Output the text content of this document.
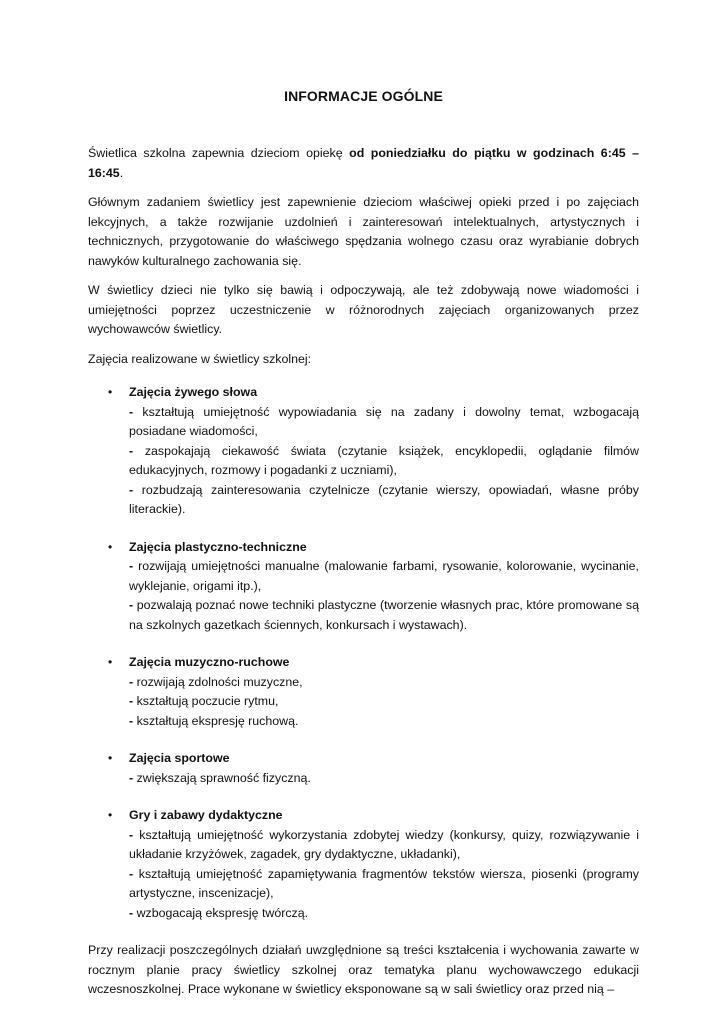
INFORMACJE OGÓLNE

Świetlica szkolna zapewnia dzieciom opiekę od poniedziałku do piątku w godzinach 6:45 – 16:45.

Głównym zadaniem świetlicy jest zapewnienie dzieciom właściwej opieki przed i po zajęciach lekcyjnych, a także rozwijanie uzdolnień i zainteresowań intelektualnych, artystycznych i technicznych, przygotowanie do właściwego spędzania wolnego czasu oraz wyrabianie dobrych nawyków kulturalnego zachowania się.

W świetlicy dzieci nie tylko się bawią i odpoczywają, ale też zdobywają nowe wiadomości i umiejętności poprzez uczestniczenie w różnorodnych zajęciach organizowanych przez wychowawców świetlicy.

Zajęcia realizowane w świetlicy szkolnej:

• Zajęcia żywego słowa
- kształtują umiejętność wypowiadania się na zadany i dowolny temat, wzbogacają posiadane wiadomości,
- zaspokajają ciekawość świata (czytanie książek, encyklopedii, oglądanie filmów edukacyjnych, rozmowy i pogadanki z uczniami),
- rozbudzają zainteresowania czytelnicze (czytanie wierszy, opowiadań, własne próby literackie).
• Zajęcia plastyczno-techniczne
- rozwijają umiejętności manualne (malowanie farbami, rysowanie, kolorowanie, wycinanie, wyklejanie, origami itp.),
- pozwalają poznać nowe techniki plastyczne (tworzenie własnych prac, które promowane są na szkolnych gazetkach ściennych, konkursach i wystawach).
• Zajęcia muzyczno-ruchowe
- rozwijają zdolności muzyczne,
- kształtują poczucie rytmu,
- kształtują ekspresję ruchową.
• Zajęcia sportowe
- zwiększają sprawność fizyczną.
• Gry i zabawy dydaktyczne
- kształtują umiejętność wykorzystania zdobytej wiedzy (konkursy, quizy, rozwiązywanie i układanie krzyżówek, zagadek, gry dydaktyczne, układanki),
- kształtują umiejętność zapamiętywania fragmentów tekstów wiersza, piosenki (programy artystyczne, inscenizacje),
- wzbogacają ekspresję twórczą.

Przy realizacji poszczególnych działań uwzględnione są treści kształcenia i wychowania zawarte w rocznym planie pracy świetlicy szkolnej oraz tematyka planu wychowawczego edukacji wczesnoszkolnej. Prace wykonane w świetlicy eksponowane są w sali świetlicy oraz przed nią –
